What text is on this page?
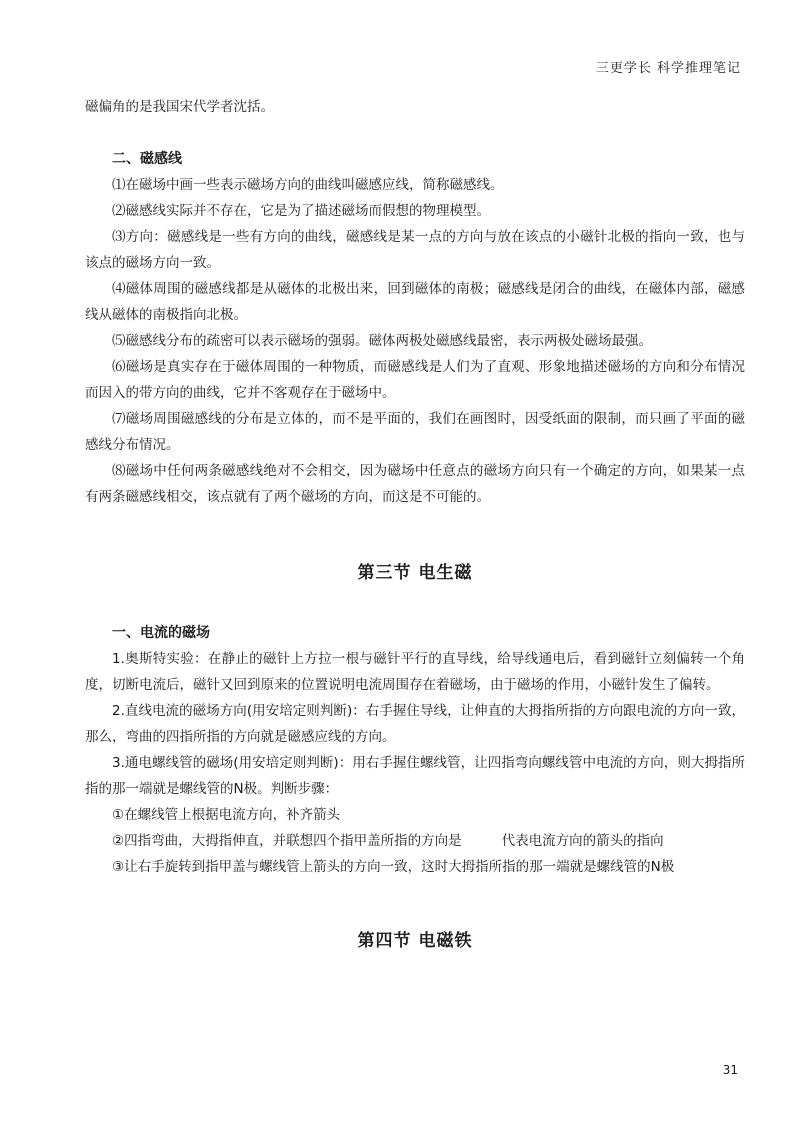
三更学长 科学推理笔记

磁偏角的是我国宋代学者沈括。

二、磁感线

⑴在磁场中画一些表示磁场方向的曲线叫磁感应线，简称磁感线。

⑵磁感线实际并不存在，它是为了描述磁场而假想的物理模型。

⑶方向：磁感线是一些有方向的曲线，磁感线是某一点的方向与放在该点的小磁针北极的指向一致，也与该点的磁场方向一致。

⑷磁体周围的磁感线都是从磁体的北极出来，回到磁体的南极；磁感线是闭合的曲线，在磁体内部，磁感线从磁体的南极指向北极。

⑸磁感线分布的疏密可以表示磁场的强弱。磁体两极处磁感线最密，表示两极处磁场最强。

⑹磁场是真实存在于磁体周围的一种物质，而磁感线是人们为了直观、形象地描述磁场的方向和分布情况而因入的带方向的曲线，它并不客观存在于磁场中。

⑺磁场周围磁感线的分布是立体的，而不是平面的，我们在画图时，因受纸面的限制，而只画了平面的磁感线分布情况。

⑻磁场中任何两条磁感线绝对不会相交，因为磁场中任意点的磁场方向只有一个确定的方向，如果某一点有两条磁感线相交，该点就有了两个磁场的方向，而这是不可能的。

第三节 电生磁

一、电流的磁场

1.奥斯特实验：在静止的磁针上方拉一根与磁针平行的直导线，给导线通电后，看到磁针立刻偏转一个角度，切断电流后，磁针又回到原来的位置说明电流周围存在着磁场，由于磁场的作用，小磁针发生了偏转。

2.直线电流的磁场方向(用安培定则判断)：右手握住导线，让伸直的大拇指所指的方向跟电流的方向一致，那么，弯曲的四指所指的方向就是磁感应线的方向。

3.通电螺线管的磁场(用安培定则判断)：用右手握住螺线管，让四指弯向螺线管中电流的方向，则大拇指所指的那一端就是螺线管的N极。判断步骤：

①在螺线管上根据电流方向，补齐箭头

②四指弯曲，大拇指伸直，并联想四个指甲盖所指的方向是	代表电流方向的箭头的指向

③让右手旋转到指甲盖与螺线管上箭头的方向一致，这时大拇指所指的那一端就是螺线管的N极

第四节 电磁铁

31
